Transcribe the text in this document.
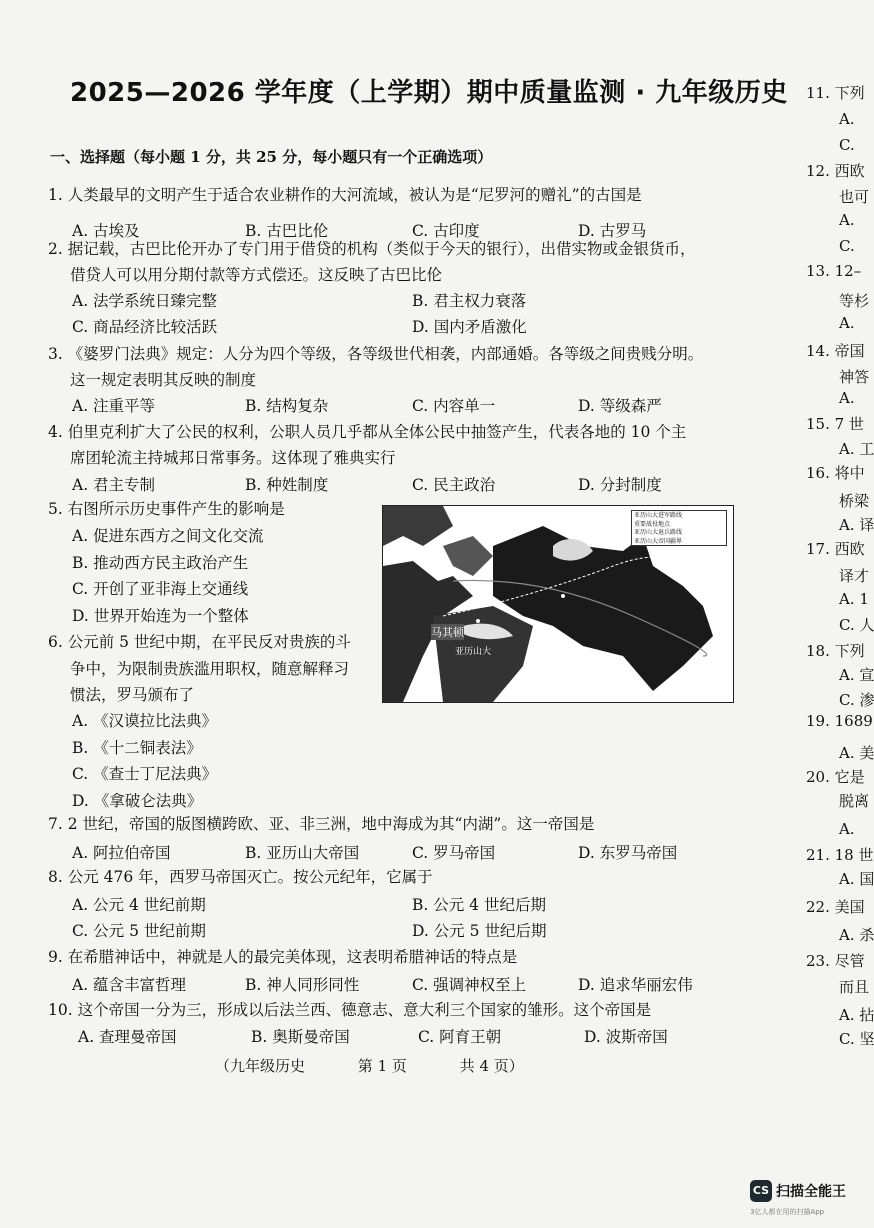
2025—2026 学年度（上学期）期中质量监测 · 九年级历史
一、选择题（每小题 1 分，共 25 分，每小题只有一个正确选项）
1. 人类最早的文明产生于适合农业耕作的大河流域，被认为是“尼罗河的赠礼”的古国是
A. 古埃及	B. 古巴比伦	C. 古印度	D. 古罗马
2. 据记载，古巴比伦开办了专门用于借贷的机构（类似于今天的银行），出借实物或金银货币，
借贷人可以用分期付款等方式偿还。这反映了古巴比伦
A. 法学系统日臻完整	B. 君主权力衰落
C. 商品经济比较活跃	D. 国内矛盾激化
3. 《婆罗门法典》规定：人分为四个等级，各等级世代相袭，内部通婚。各等级之间贵贱分明。
这一规定表明其反映的制度
A. 注重平等	B. 结构复杂	C. 内容单一	D. 等级森严
4. 伯里克利扩大了公民的权利，公职人员几乎都从全体公民中抽签产生，代表各地的 10 个主
席团轮流主持城邦日常事务。这体现了雅典实行
A. 君主专制	B. 种姓制度	C. 民主政治	D. 分封制度
5. 右图所示历史事件产生的影响是
A. 促进东西方之间文化交流
B. 推动西方民主政治产生
C. 开创了亚非海上交通线
D. 世界开始连为一个整体
6. 公元前 5 世纪中期，在平民反对贵族的斗
争中，为限制贵族滥用职权，随意解释习
惯法，罗马颁布了
A. 《汉谟拉比法典》
B. 《十二铜表法》
C. 《查士丁尼法典》
D. 《拿破仑法典》
7. 2 世纪，帝国的版图横跨欧、亚、非三洲，地中海成为其“内湖”。这一帝国是
A. 阿拉伯帝国	B. 亚历山大帝国	C. 罗马帝国	D. 东罗马帝国
8. 公元 476 年，西罗马帝国灭亡。按公元纪年，它属于
A. 公元 4 世纪前期	B. 公元 4 世纪后期
C. 公元 5 世纪前期	D. 公元 5 世纪后期
9. 在希腊神话中，神就是人的最完美体现，这表明希腊神话的特点是
A. 蕴含丰富哲理	B. 神人同形同性	C. 强调神权至上	D. 追求华丽宏伟
10. 这个帝国一分为三，形成以后法兰西、德意志、意大利三个国家的雏形。这个帝国是
A. 查理曼帝国	B. 奥斯曼帝国	C. 阿育王朝	D. 波斯帝国
亚历山大进军路线
重要战役地点
亚历山大退兵路线
亚历山大帝国疆界
马其顿
亚历山大
红海
（九年级历史	第 1 页	共 4 页）
11. 下列
A.
C.
12. 西欧
也可
A.
C.
13. 12–
等杉
A.
14. 帝国
神答
A.
15. 7 世
A. 工
16. 将中
桥梁
A. 译
17. 西欧
译才
A. 1
C. 人
18. 下列
A. 宣
C. 渗
19. 1689
A. 美
20. 它是
脱离
A.
21. 18 世
A. 国
22. 美国
A. 杀
23. 尽管
而且
A. 拈
C. 坚
CS 扫描全能王
3亿人都在用的扫描App
